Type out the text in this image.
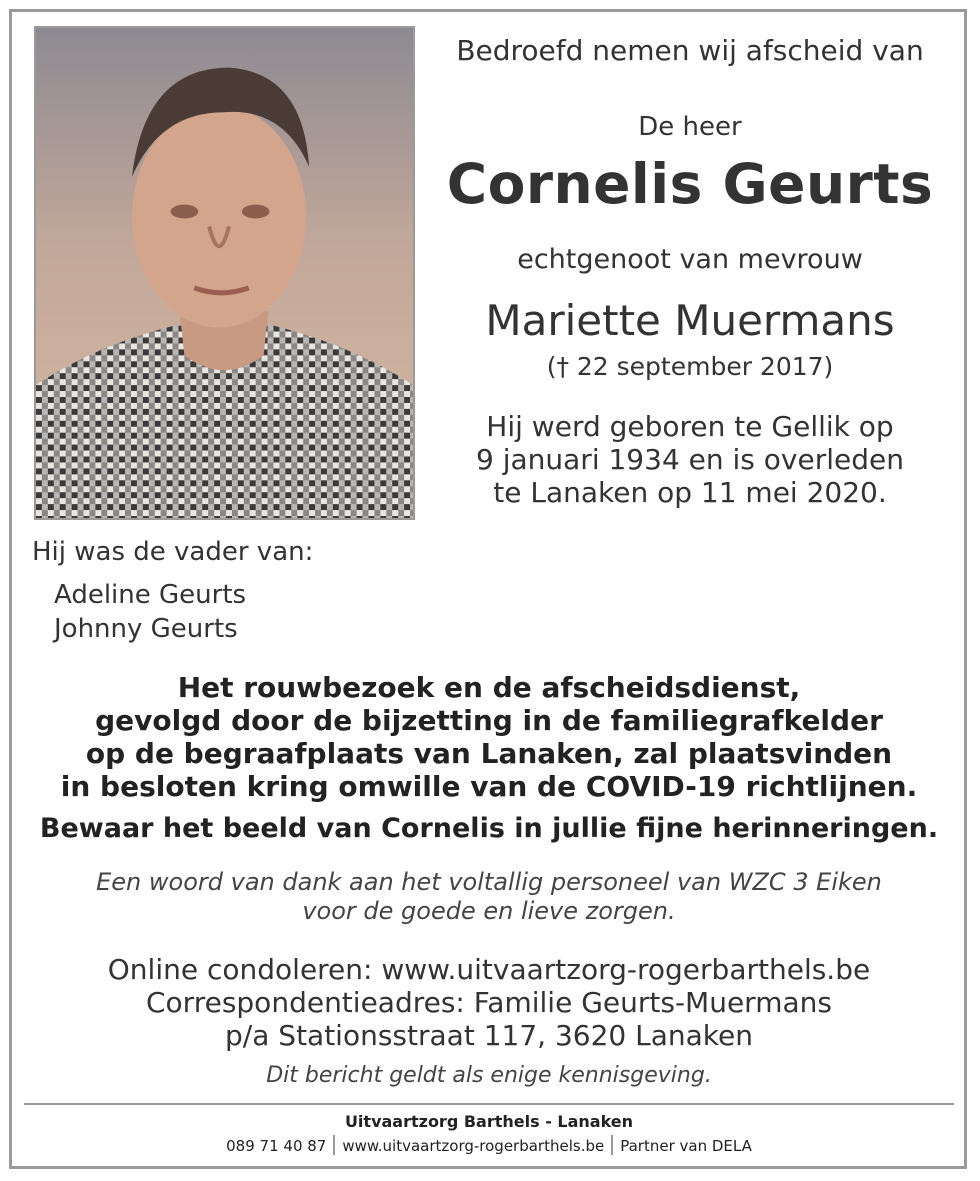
Bedroefd nemen wij afscheid van
De heer
Cornelis Geurts
echtgenoot van mevrouw
Mariette Muermans
(† 22 september 2017)
Hij werd geboren te Gellik op
9 januari 1934 en is overleden
te Lanaken op 11 mei 2020.
Hij was de vader van:
Adeline Geurts
Johnny Geurts
Het rouwbezoek en de afscheidsdienst,
gevolgd door de bijzetting in de familiegrafkelder
op de begraafplaats van Lanaken, zal plaatsvinden
in besloten kring omwille van de COVID-19 richtlijnen.
Bewaar het beeld van Cornelis in jullie fijne herinneringen.
Een woord van dank aan het voltallig personeel van WZC 3 Eiken
voor de goede en lieve zorgen.
Online condoleren: www.uitvaartzorg-rogerbarthels.be
Correspondentieadres: Familie Geurts-Muermans
p/a Stationsstraat 117, 3620 Lanaken
Dit bericht geldt als enige kennisgeving.
Uitvaartzorg Barthels - Lanaken
089 71 40 87 www.uitvaartzorg-rogerbarthels.be Partner van DELA
